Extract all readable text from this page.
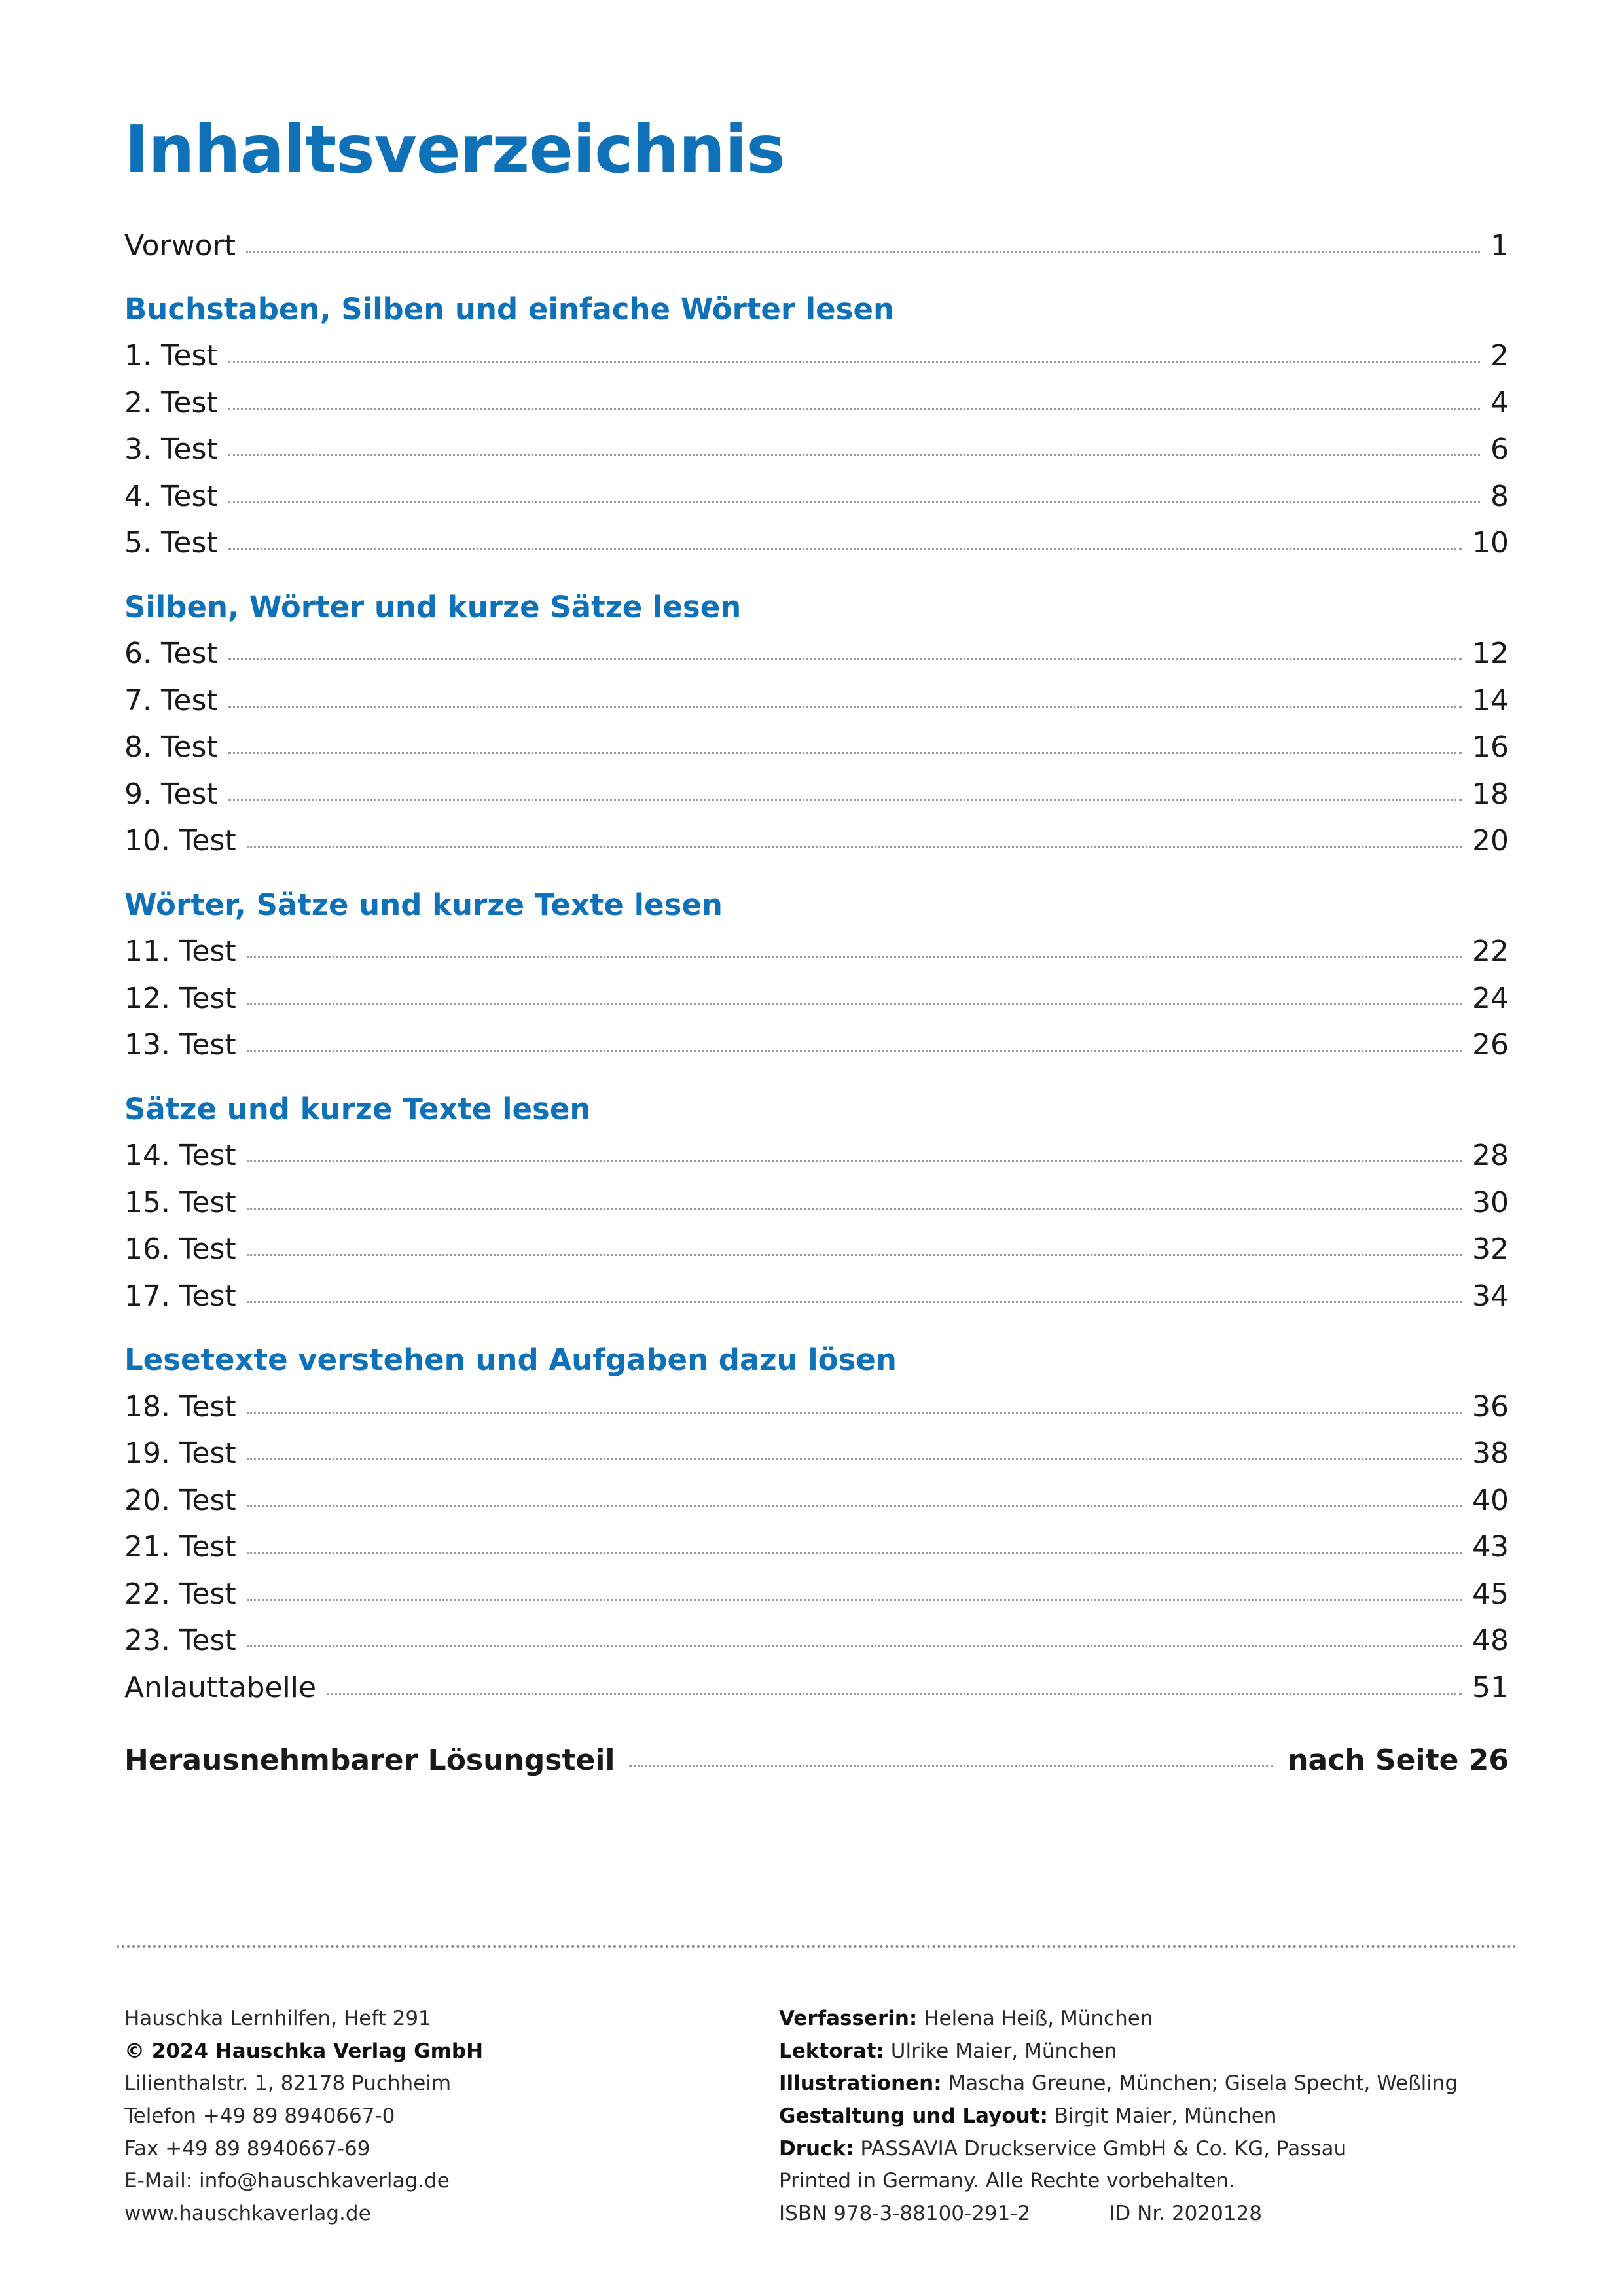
Inhaltsverzeichnis
Vorwort	1
Buchstaben, Silben und einfache Wörter lesen
1. Test	2
2. Test	4
3. Test	6
4. Test	8
5. Test	10
Silben, Wörter und kurze Sätze lesen
6. Test	12
7. Test	14
8. Test	16
9. Test	18
10. Test	20
Wörter, Sätze und kurze Texte lesen
11. Test	22
12. Test	24
13. Test	26
Sätze und kurze Texte lesen
14. Test	28
15. Test	30
16. Test	32
17. Test	34
Lesetexte verstehen und Aufgaben dazu lösen
18. Test	36
19. Test	38
20. Test	40
21. Test	43
22. Test	45
23. Test	48
Anlauttabelle	51
Herausnehmbarer Lösungsteil	nach Seite 26
Hauschka Lernhilfen, Heft 291
© 2024 Hauschka Verlag GmbH
Lilienthalstr. 1, 82178 Puchheim
Telefon +49 89 8940667-0
Fax +49 89 8940667-69
E-Mail: info@hauschkaverlag.de
www.hauschkaverlag.de
Verfasserin: Helena Heiß, München
Lektorat: Ulrike Maier, München
Illustrationen: Mascha Greune, München; Gisela Specht, Weßling
Gestaltung und Layout: Birgit Maier, München
Druck: PASSAVIA Druckservice GmbH & Co. KG, Passau
Printed in Germany. Alle Rechte vorbehalten.
ISBN 978-3-88100-291-2	ID Nr. 2020128
